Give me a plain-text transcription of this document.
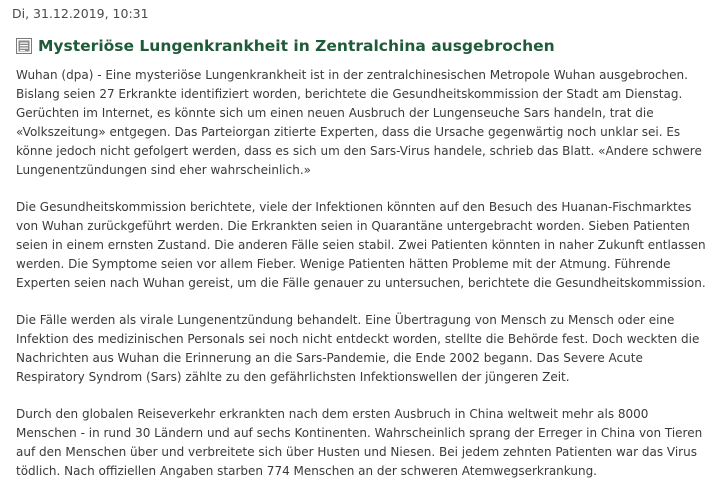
Di, 31.12.2019, 10:31
Mysteriöse Lungenkrankheit in Zentralchina ausgebrochen

Wuhan (dpa) - Eine mysteriöse Lungenkrankheit ist in der zentralchinesischen Metropole Wuhan ausgebrochen. Bislang seien 27 Erkrankte identifiziert worden, berichtete die Gesundheitskommission der Stadt am Dienstag. Gerüchten im Internet, es könnte sich um einen neuen Ausbruch der Lungenseuche Sars handeln, trat die «Volkszeitung» entgegen. Das Parteiorgan zitierte Experten, dass die Ursache gegenwärtig noch unklar sei. Es könne jedoch nicht gefolgert werden, dass es sich um den Sars-Virus handele, schrieb das Blatt. «Andere schwere Lungenentzündungen sind eher wahrscheinlich.»

Die Gesundheitskommission berichtete, viele der Infektionen könnten auf den Besuch des Huanan-Fischmarktes von Wuhan zurückgeführt werden. Die Erkrankten seien in Quarantäne untergebracht worden. Sieben Patienten seien in einem ernsten Zustand. Die anderen Fälle seien stabil. Zwei Patienten könnten in naher Zukunft entlassen werden. Die Symptome seien vor allem Fieber. Wenige Patienten hätten Probleme mit der Atmung. Führende Experten seien nach Wuhan gereist, um die Fälle genauer zu untersuchen, berichtete die Gesundheitskommission.

Die Fälle werden als virale Lungenentzündung behandelt. Eine Übertragung von Mensch zu Mensch oder eine Infektion des medizinischen Personals sei noch nicht entdeckt worden, stellte die Behörde fest. Doch weckten die Nachrichten aus Wuhan die Erinnerung an die Sars-Pandemie, die Ende 2002 begann. Das Severe Acute Respiratory Syndrom (Sars) zählte zu den gefährlichsten Infektionswellen der jüngeren Zeit.

Durch den globalen Reiseverkehr erkrankten nach dem ersten Ausbruch in China weltweit mehr als 8000 Menschen - in rund 30 Ländern und auf sechs Kontinenten. Wahrscheinlich sprang der Erreger in China von Tieren auf den Menschen über und verbreitete sich über Husten und Niesen. Bei jedem zehnten Patienten war das Virus tödlich. Nach offiziellen Angaben starben 774 Menschen an der schweren Atemwegserkrankung.
